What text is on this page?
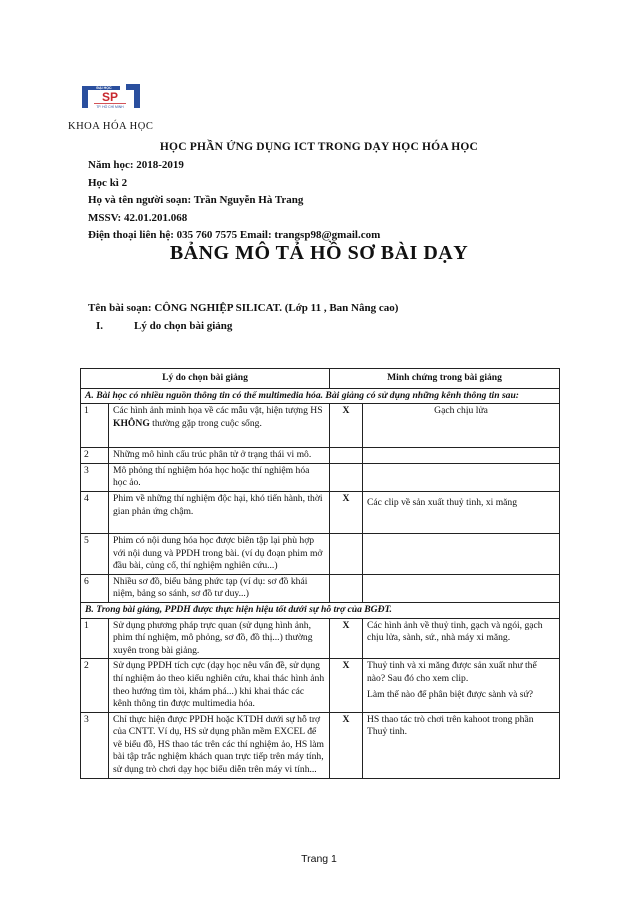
ĐẠI HỌC
SP
TP. HỒ CHÍ MINH
KHOA HÓA HỌC
HỌC PHẦN ỨNG DỤNG ICT TRONG DẠY HỌC HÓA HỌC
Năm học: 2018-2019
Học kì 2
Họ và tên người soạn: Trần Nguyễn Hà Trang
MSSV: 42.01.201.068
Điện thoại liên hệ: 035 760 7575 Email: trangsp98@gmail.com
BẢNG MÔ TẢ HỒ SƠ BÀI DẠY
Tên bài soạn: CÔNG NGHIỆP SILICAT. (Lớp 11 , Ban Nâng cao)
I.	Lý do chọn bài giảng
Lý do chọn bài giảng		Minh chứng trong bài giảng	
A. Bài học có nhiều nguồn thông tin có thể multimedia hóa. Bài giảng có sử dụng những kênh thông tin sau:			
1	Các hình ảnh minh họa về các mẫu vật, hiện tượng HS KHÔNG thường gặp trong cuộc sống.	X	Gạch chịu lửa
2	Những mô hình cấu trúc phân tử ở trạng thái vi mô.		
3	Mô phỏng thí nghiệm hóa học hoặc thí nghiệm hóa học ảo.		
4	Phim về những thí nghiệm độc hại, khó tiến hành, thời gian phản ứng chậm.	X	Các clip về sản xuất thuỷ tinh, xi măng
5	Phim có nội dung hóa học được biên tập lại phù hợp với nội dung và PPDH trong bài. (ví dụ đoạn phim mở đầu bài, củng cố, thí nghiệm nghiên cứu...)		
6	Nhiều sơ đồ, biểu bảng phức tạp (ví dụ: sơ đồ khái niệm, bảng so sánh, sơ đồ tư duy...)		
B. Trong bài giảng, PPDH được thực hiện hiệu tốt dưới sự hỗ trợ của BGĐT.			
1	Sử dụng phương pháp trực quan (sử dụng hình ảnh, phim thí nghiệm, mô phỏng, sơ đồ, đồ thị...) thường xuyên trong bài giảng.	X	Các hình ảnh về thuỷ tinh, gạch và ngói, gạch chịu lửa, sành, sứ., nhà máy xi măng.
2	Sử dụng PPDH tích cực (dạy học nêu vấn đề, sử dụng thí nghiệm ảo theo kiểu nghiên cứu, khai thác hình ảnh theo hướng tìm tòi, khám phá...) khi khai thác các kênh thông tin được multimedia hóa.	X	Thuỷ tinh và xi măng được sản xuất như thế nào? Sau đó cho xem clip.

Làm thế nào để phân biệt được sành và sứ?

3	Chỉ thực hiện được PPDH hoặc KTDH dưới sự hỗ trợ của CNTT. Ví dụ, HS sử dụng phần mềm EXCEL để vẽ biểu đồ, HS thao tác trên các thí nghiệm ảo, HS làm bài tập trắc nghiệm khách quan trực tiếp trên máy tính, sử dụng trò chơi dạy học biểu diễn trên máy vi tính...	X	HS thao tác trò chơi trên kahoot trong phần Thuỷ tinh.
Trang 1
